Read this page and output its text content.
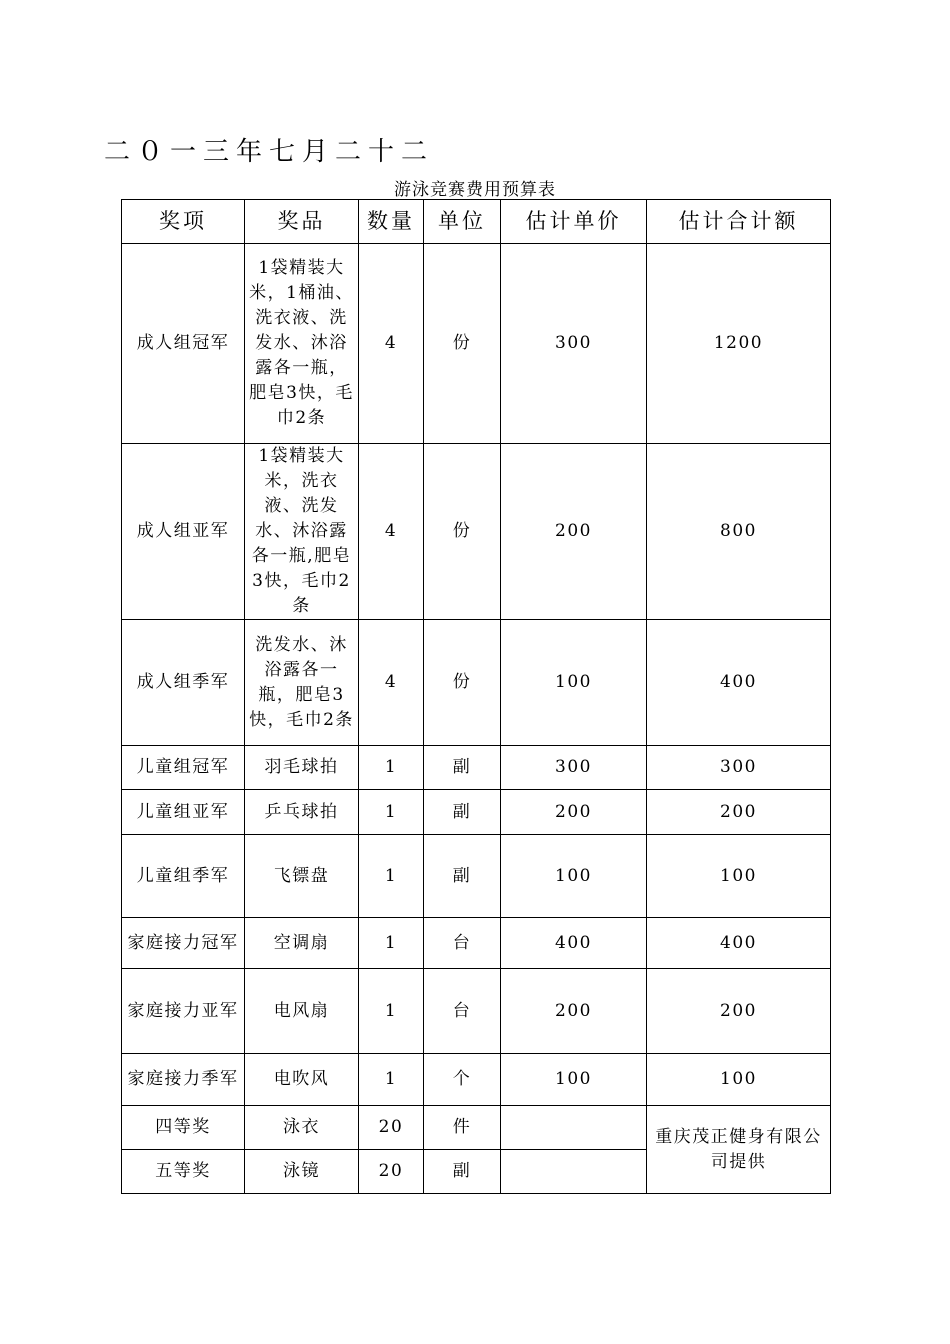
二０一三年七月二十二
游泳竞赛费用预算表
奖项	奖品	数量	单位	估计单价	估计合计额
成人组冠军	1袋精装大米，1桶油、洗衣液、洗发水、沐浴露各一瓶，肥皂3快，毛巾2条	4	份	300	1200
成人组亚军	1袋精装大米，洗衣液、洗发水、沐浴露各一瓶,肥皂3快，毛巾2条	4	份	200	800
成人组季军	洗发水、沐浴露各一瓶，肥皂3快，毛巾2条	4	份	100	400
儿童组冠军	羽毛球拍	1	副	300	300
儿童组亚军	乒乓球拍	1	副	200	200
儿童组季军	飞镖盘	1	副	100	100
家庭接力冠军	空调扇	1	台	400	400
家庭接力亚军	电风扇	1	台	200	200
家庭接力季军	电吹风	1	个	100	100
四等奖	泳衣	20	件		重庆茂正健身有限公司提供
五等奖	泳镜	20	副		
